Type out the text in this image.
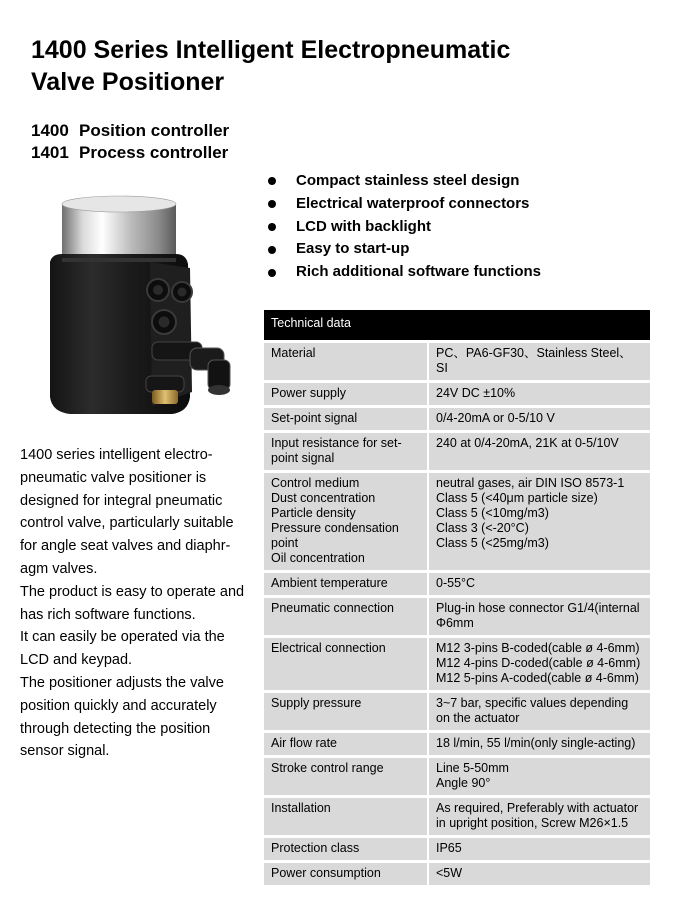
1400 Series Intelligent Electropneumatic
Valve Positioner
1400 Position controller
1401 Process controller
Compact stainless steel design
Electrical waterproof connectors
LCD with backlight
Easy to start-up
Rich additional software functions

1400 series intelligent electro-pneumatic valve positioner is designed for integral pneumatic control valve, particularly suitable for angle seat valves and diaphr-agm valves.

The product is easy to operate and has rich software functions.

It can easily be operated via the LCD and keypad.

The positioner adjusts the valve position quickly and accurately through detecting the position sensor signal.

Technical data	

Material	PC、PA6-GF30、Stainless Steel、SI

Power supply	24V DC ±10%

Set-point signal	0/4-20mA or 0-5/10 V

Input resistance for set-point signal	240 at 0/4-20mA, 21K at 0-5/10V

Control medium
Dust concentration
Particle density
Pressure condensation point
Oil concentration	neutral gases, air DIN ISO 8573-1
Class 5 (<40μm particle size)
Class 5 (<10mg/m3)
Class 3 (<-20°C)
Class 5 (<25mg/m3)

Ambient temperature	0-55°C

Pneumatic connection	Plug-in hose connector G1/4(internal Φ6mm

Electrical connection	M12 3-pins B-coded(cable ø 4-6mm)
M12 4-pins D-coded(cable ø 4-6mm)
M12 5-pins A-coded(cable ø 4-6mm)

Supply pressure	3~7 bar, specific values depending on the actuator

Air flow rate	18 l/min, 55 l/min(only single-acting)

Stroke control range	Line 5-50mm
Angle 90°

Installation	As required, Preferably with actuator in upright position, Screw M26×1.5

Protection class	IP65

Power consumption	<5W
